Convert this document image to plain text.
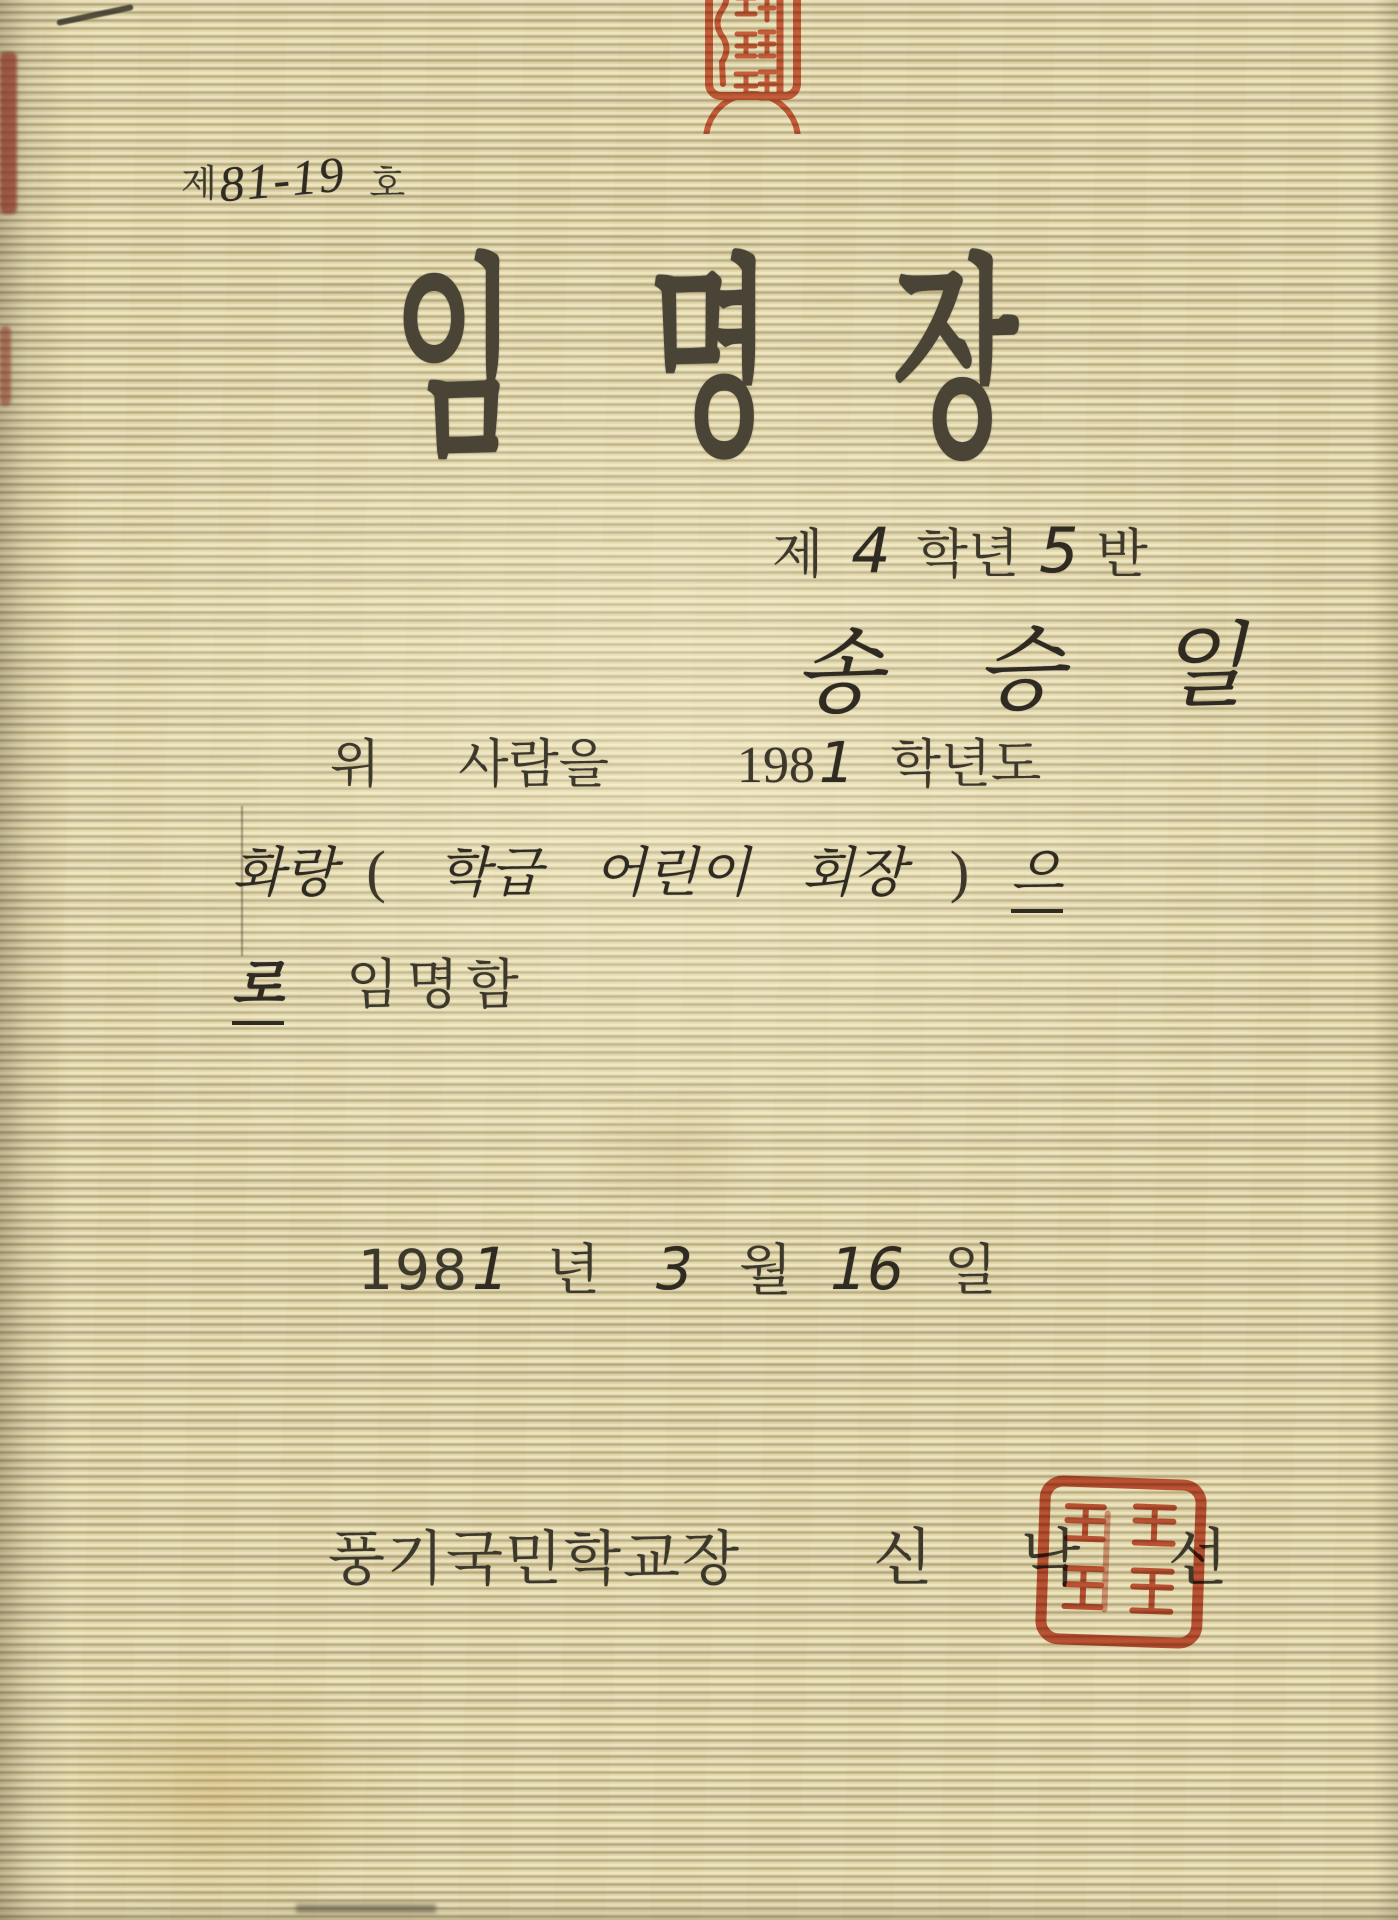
제 81-19 호
임 명 장
제 4 학년 5 반
송 승 일
위 사람을 198 1 학년도
화랑 ( 학급 어린이 회장 ) 으
로 임명함
198 1 년 3 월 16 일
풍기국민학교장 신 낙 선
